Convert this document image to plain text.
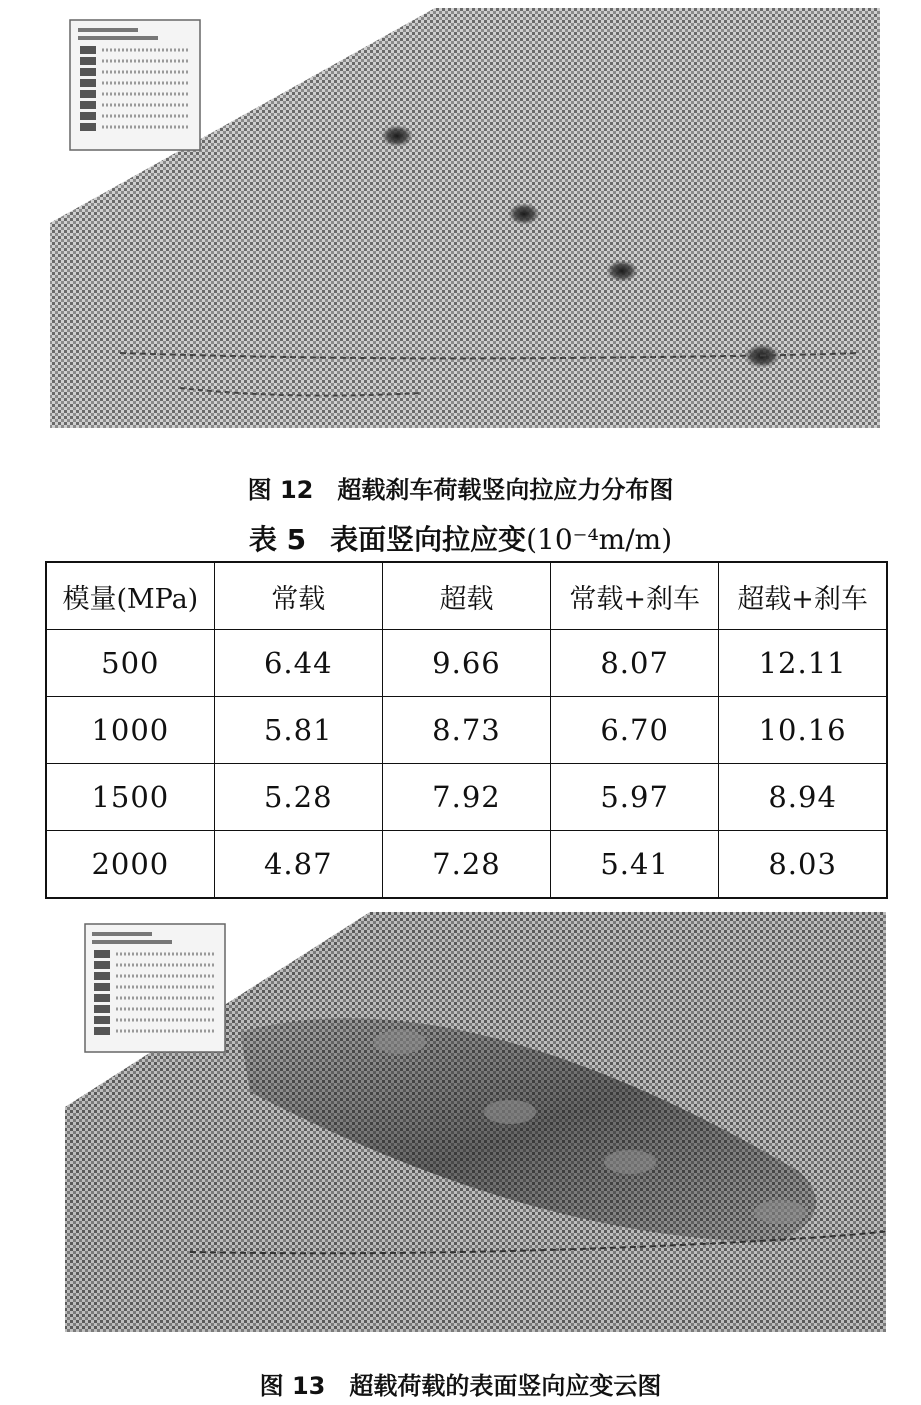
图 12 超载刹车荷载竖向拉应力分布图
表 5 表面竖向拉应变(10⁻⁴m/m)
模量(MPa)	常载	超载	常载+刹车	超载+刹车
500	6.44	9.66	8.07	12.11
1000	5.81	8.73	6.70	10.16
1500	5.28	7.92	5.97	8.94
2000	4.87	7.28	5.41	8.03
图 13 超载荷载的表面竖向应变云图
